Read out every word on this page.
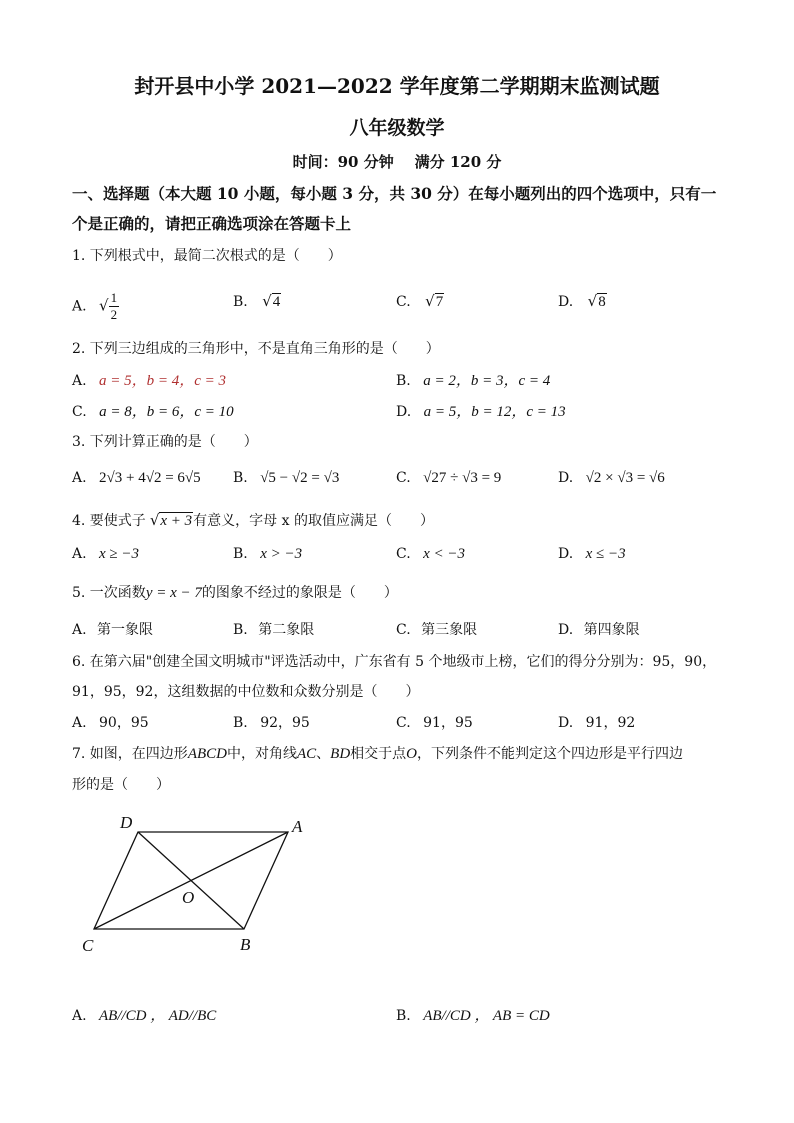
封开县中小学 2021—2022 学年度第二学期期末监测试题
八年级数学
时间：90 分钟    满分 120 分
一、选择题（本大题 10 小题，每小题 3 分，共 30 分）在每小题列出的四个选项中，只有一
个是正确的，请把正确选项涂在答题卡上
1. 下列根式中，最简二次根式的是（　　）
A. √ $\frac{1}{2}$	B. √4	C. √7	D. √8
2. 下列三边组成的三角形中，不是直角三角形的是（　　）
A. a = 5，b = 4，c = 3	B. a = 2，b = 3，c = 4
C. a = 8，b = 6，c = 10	D. a = 5，b = 12，c = 13
3. 下列计算正确的是（　　）
A. 2√3 + 4√2 = 6√5 B. √5 − √2 = √3	C. √27 ÷ √3 = 9	D. √2 × √3 = √6
4. 要使式子 √x + 3有意义，字母 x 的取值应满足（　　）
A. x ≥ −3	B. x > −3	C. x < −3	D. x ≤ −3
5. 一次函数y = x − 7的图象不经过的象限是（　　）
A. 第一象限	B. 第二象限	C. 第三象限	D. 第四象限
6. 在第六届"创建全国文明城市"评选活动中，广东省有 5 个地级市上榜，它们的得分分别为：95，90，
91，95，92，这组数据的中位数和众数分别是（　　）
A. 90，95	B. 92，95	C. 91，95	D. 91，92
7. 如图，在四边形ABCD中，对角线AC、BD相交于点O，下列条件不能判定这个四边形是平行四边
形的是（　　）
D	A
O
C	B
A. AB//CD ， AD//BC	B. AB//CD ， AB = CD
